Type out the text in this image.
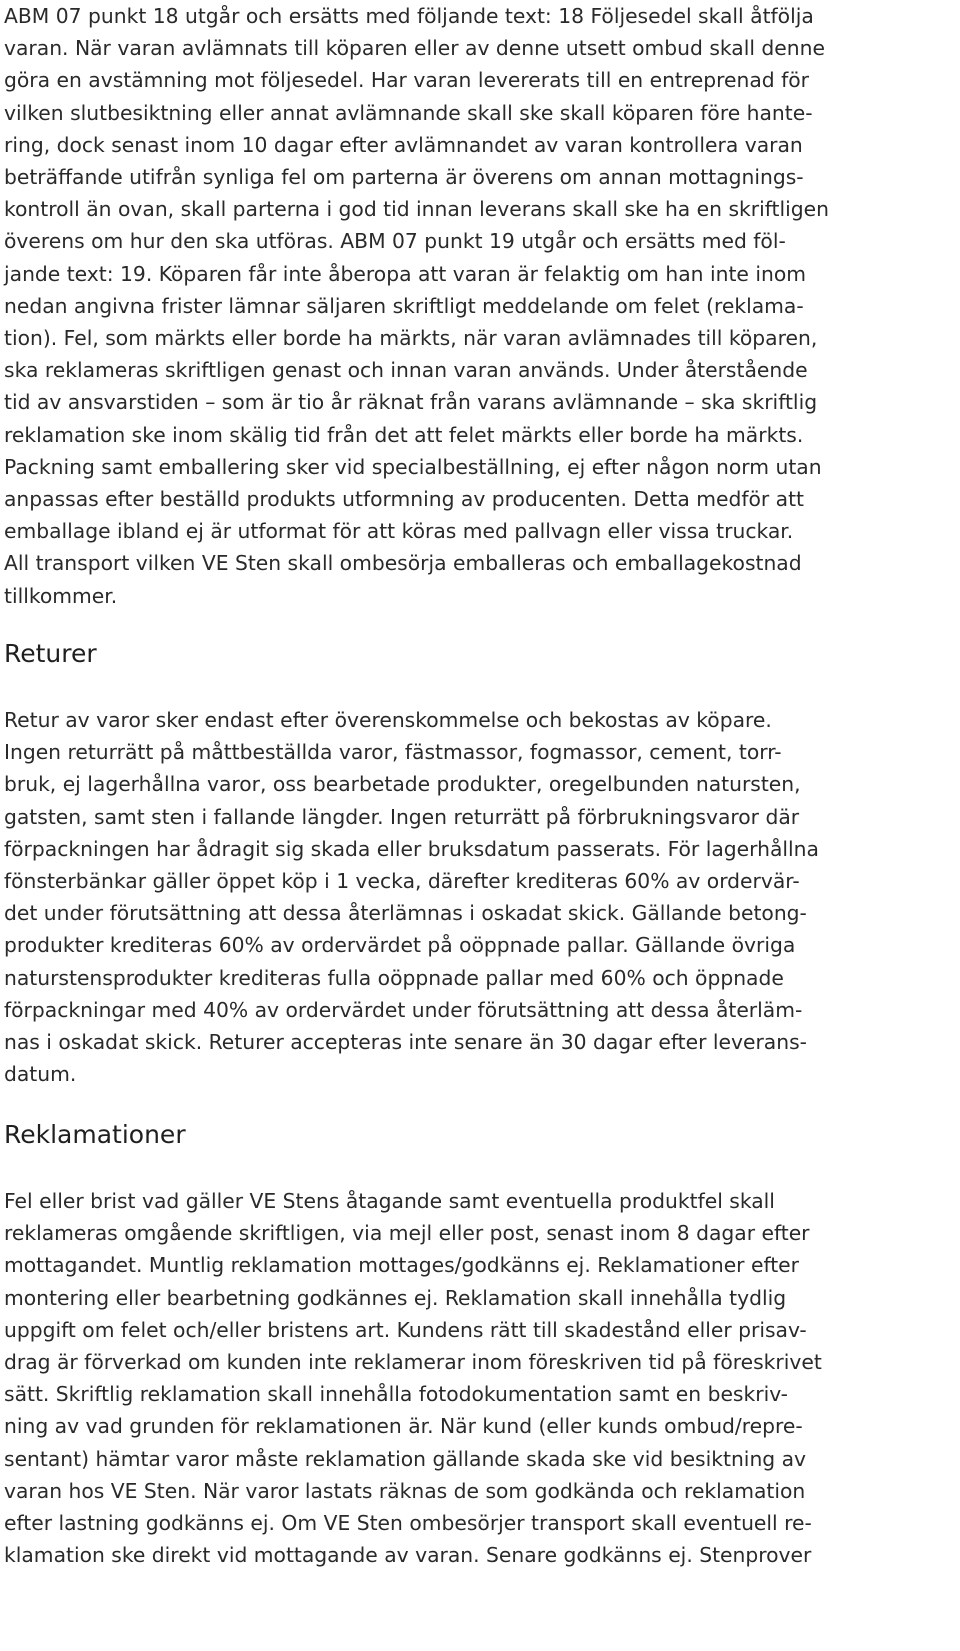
ABM 07 punkt 18 utgår och ersätts med följande text: 18 Följesedel skall åtfölja
varan. När varan avlämnats till köparen eller av denne utsett ombud skall denne
göra en avstämning mot följesedel. Har varan levererats till en entreprenad för
vilken slutbesiktning eller annat avlämnande skall ske skall köparen före hante-
ring, dock senast inom 10 dagar efter avlämnandet av varan kontrollera varan
beträffande utifrån synliga fel om parterna är överens om annan mottagnings-
kontroll än ovan, skall parterna i god tid innan leverans skall ske ha en skriftligen
överens om hur den ska utföras. ABM 07 punkt 19 utgår och ersätts med föl-
jande text: 19. Köparen får inte åberopa att varan är felaktig om han inte inom
nedan angivna frister lämnar säljaren skriftligt meddelande om felet (reklama-
tion). Fel, som märkts eller borde ha märkts, när varan avlämnades till köparen,
ska reklameras skriftligen genast och innan varan används. Under återstående
tid av ansvarstiden – som är tio år räknat från varans avlämnande – ska skriftlig
reklamation ske inom skälig tid från det att felet märkts eller borde ha märkts.
Packning samt emballering sker vid specialbeställning, ej efter någon norm utan
anpassas efter beställd produkts utformning av producenten. Detta medför att
emballage ibland ej är utformat för att köras med pallvagn eller vissa truckar.
All transport vilken VE Sten skall ombesörja emballeras och emballagekostnad
tillkommer.
Returer
Retur av varor sker endast efter överenskommelse och bekostas av köpare.
Ingen returrätt på måttbeställda varor, fästmassor, fogmassor, cement, torr-
bruk, ej lagerhållna varor, oss bearbetade produkter, oregelbunden natursten,
gatsten, samt sten i fallande längder. Ingen returrätt på förbrukningsvaror där
förpackningen har ådragit sig skada eller bruksdatum passerats. För lagerhållna
fönsterbänkar gäller öppet köp i 1 vecka, därefter krediteras 60% av ordervär-
det under förutsättning att dessa återlämnas i oskadat skick. Gällande betong-
produkter krediteras 60% av ordervärdet på oöppnade pallar. Gällande övriga
naturstensprodukter krediteras fulla oöppnade pallar med 60% och öppnade
förpackningar med 40% av ordervärdet under förutsättning att dessa återläm-
nas i oskadat skick. Returer accepteras inte senare än 30 dagar efter leverans-
datum.
Reklamationer
Fel eller brist vad gäller VE Stens åtagande samt eventuella produktfel skall
reklameras omgående skriftligen, via mejl eller post, senast inom 8 dagar efter
mottagandet. Muntlig reklamation mottages/godkänns ej. Reklamationer efter
montering eller bearbetning godkännes ej. Reklamation skall innehålla tydlig
uppgift om felet och/eller bristens art. Kundens rätt till skadestånd eller prisav-
drag är förverkad om kunden inte reklamerar inom föreskriven tid på föreskrivet
sätt. Skriftlig reklamation skall innehålla fotodokumentation samt en beskriv-
ning av vad grunden för reklamationen är. När kund (eller kunds ombud/repre-
sentant) hämtar varor måste reklamation gällande skada ske vid besiktning av
varan hos VE Sten. När varor lastats räknas de som godkända och reklamation
efter lastning godkänns ej. Om VE Sten ombesörjer transport skall eventuell re-
klamation ske direkt vid mottagande av varan. Senare godkänns ej. Stenprover
